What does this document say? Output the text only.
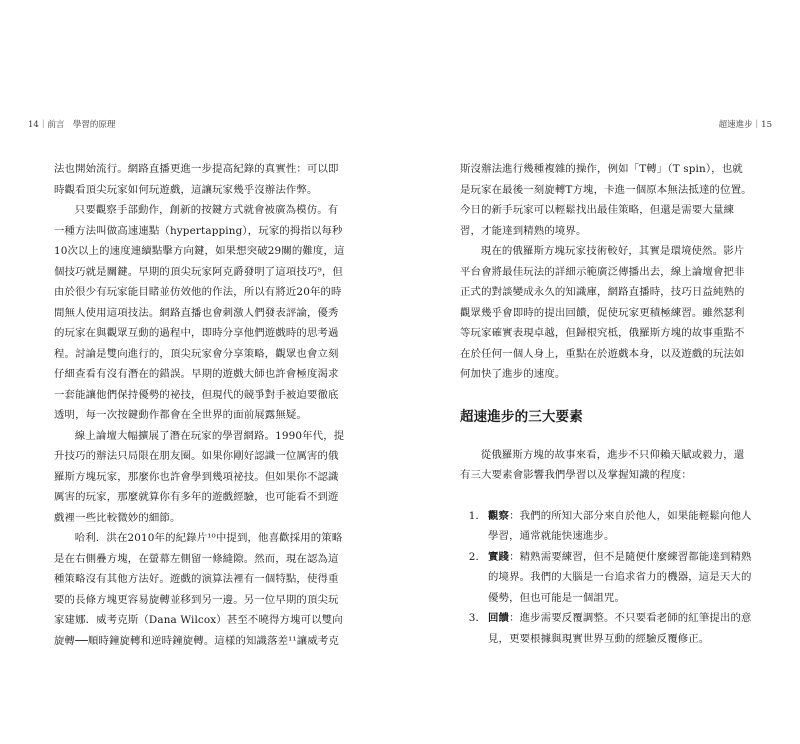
14｜前言　學習的原理

法也開始流行。網路直播更進一步提高紀錄的真實性：可以即時觀看頂尖玩家如何玩遊戲，這讓玩家幾乎沒辦法作弊。

只要觀察手部動作，創新的按鍵方式就會被廣為模仿。有一種方法叫做高速連點（hypertapping），玩家的拇指以每秒10次以上的速度連續點擊方向鍵，如果想突破29關的難度，這個技巧就是關鍵。早期的頂尖玩家阿克爵發明了這項技巧⁹，但由於很少有玩家能目睹並仿效他的作法，所以有將近20年的時間無人使用這項技法。網路直播也會刺激人們發表評論，優秀的玩家在與觀眾互動的過程中，即時分享他們遊戲時的思考過程。討論是雙向進行的，頂尖玩家會分享策略，觀眾也會立刻仔細查看有沒有潛在的錯誤。早期的遊戲大師也許會極度渴求一套能讓他們保持優勢的祕技，但現代的競爭對手被迫要徹底透明，每一次按鍵動作都會在全世界的面前展露無疑。

線上論壇大幅擴展了潛在玩家的學習網路。1990年代，提升技巧的辦法只局限在朋友圈。如果你剛好認識一位厲害的俄羅斯方塊玩家，那麼你也許會學到幾項祕技。但如果你不認識厲害的玩家，那麼就算你有多年的遊戲經驗，也可能看不到遊戲裡一些比較微妙的細節。

哈利．洪在2010年的紀錄片¹⁰中提到，他喜歡採用的策略是在右側疊方塊，在螢幕左側留一條縫隙。然而，現在認為這種策略沒有其他方法好。遊戲的演算法裡有一個特點，使得重要的長條方塊更容易旋轉並移到另一邊。另一位早期的頂尖玩家建娜．威考克斯（Dana Wilcox）甚至不曉得方塊可以雙向旋轉──順時鐘旋轉和逆時鐘旋轉。這樣的知識落差¹¹讓威考克

超速進步｜15

斯沒辦法進行幾種複雜的操作，例如「T轉」（T spin），也就是玩家在最後一刻旋轉T方塊，卡進一個原本無法抵達的位置。今日的新手玩家可以輕鬆找出最佳策略，但還是需要大量練習，才能達到精熟的境界。

現在的俄羅斯方塊玩家技術較好，其實是環境使然。影片平台會將最佳玩法的詳細示範廣泛傳播出去，線上論壇會把非正式的對談變成永久的知識庫，網路直播時，技巧日益純熟的觀眾幾乎會即時的提出回饋，促使玩家更積極練習。雖然瑟利等玩家確實表現卓越，但歸根究柢，俄羅斯方塊的故事重點不在於任何一個人身上，重點在於遊戲本身，以及遊戲的玩法如何加快了進步的速度。

超速進步的三大要素

從俄羅斯方塊的故事來看，進步不只仰賴天賦或毅力，還有三大要素會影響我們學習以及掌握知識的程度：

1． 觀察：我們的所知大部分來自於他人，如果能輕鬆向他人學習，通常就能快速進步。
2． 實踐：精熟需要練習，但不是隨便什麼練習都能達到精熟的境界。我們的大腦是一台追求省力的機器，這是天大的優勢，但也可能是一個詛咒。
3． 回饋：進步需要反覆調整。不只要看老師的紅筆提出的意見，更要根據與現實世界互動的經驗反覆修正。
